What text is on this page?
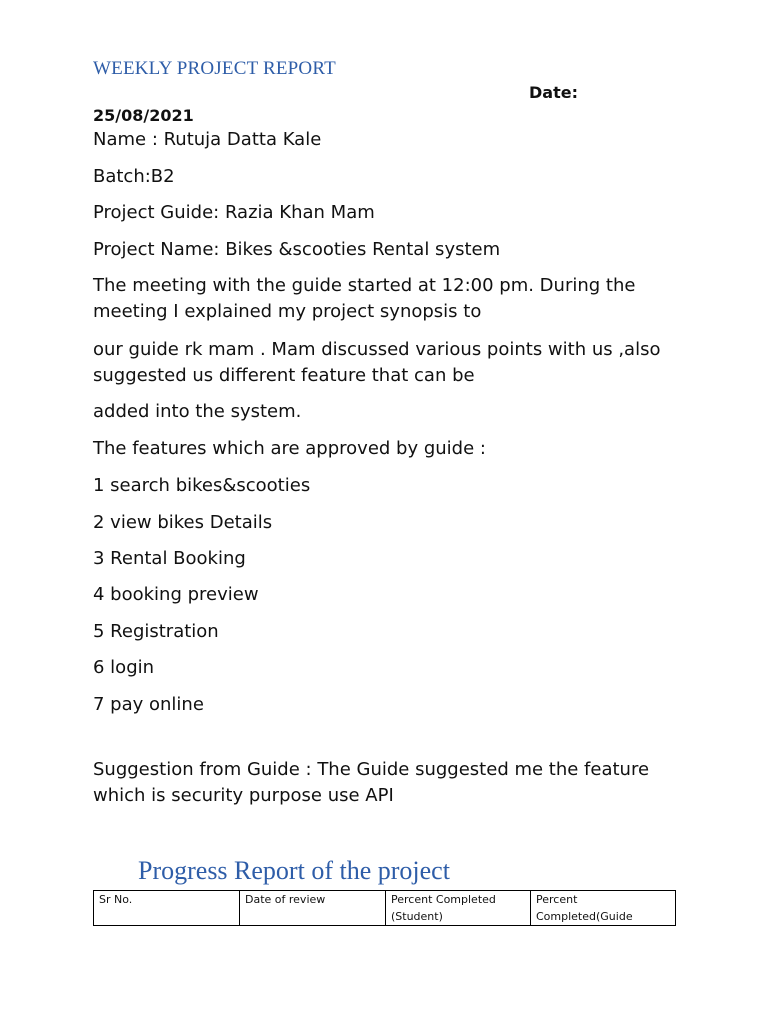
WEEKLY PROJECT REPORT
Date:
25/08/2021
Name : Rutuja Datta Kale
Batch:B2
Project Guide: Razia Khan Mam
Project Name: Bikes &scooties Rental system
The meeting with the guide started at 12:00 pm. During the meeting I explained my project synopsis to
our guide rk mam . Mam discussed various points with us ,also suggested us different feature that can be
added into the system.
The features which are approved by guide :
1 search bikes&scooties
2 view bikes Details
3 Rental Booking
4 booking preview
5 Registration
6 login
7 pay online
Suggestion from Guide : The Guide suggested me the feature which is security purpose use API
Progress Report of the project
Sr No.	Date of review	Percent Completed (Student)	Percent Completed(Guide
